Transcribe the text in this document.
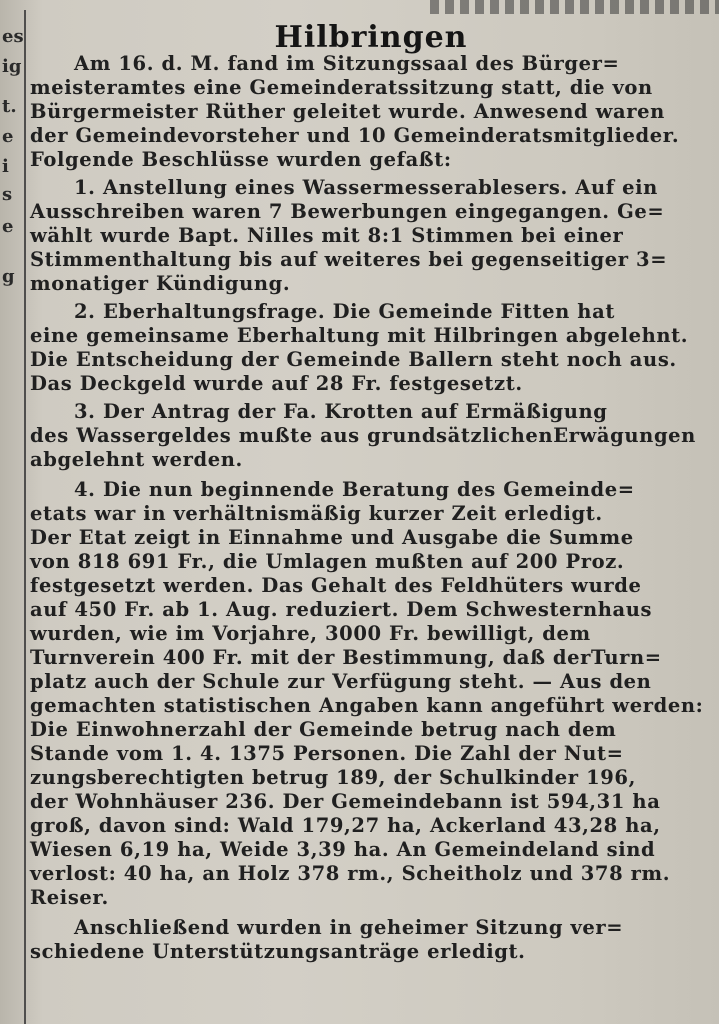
es
ig
t.
e
i
s
e
g
Hilbringen
Am 16. d. M. fand im Sitzungssaal des Bürger=
meisteramtes eine Gemeinderatssitzung statt, die von
Bürgermeister Rüther geleitet wurde. Anwesend waren
der Gemeindevorsteher und 10 Gemeinderatsmitglieder.
Folgende Beschlüsse wurden gefaßt:
1. Anstellung eines Wassermesserablesers. Auf ein
Ausschreiben waren 7 Bewerbungen eingegangen. Ge=
wählt wurde Bapt. Nilles mit 8:1 Stimmen bei einer
Stimmenthaltung bis auf weiteres bei gegenseitiger 3=
monatiger Kündigung.
2. Eberhaltungsfrage. Die Gemeinde Fitten hat
eine gemeinsame Eberhaltung mit Hilbringen abgelehnt.
Die Entscheidung der Gemeinde Ballern steht noch aus.
Das Deckgeld wurde auf 28 Fr. festgesetzt.
3. Der Antrag der Fa. Krotten auf Ermäßigung
des Wassergeldes mußte aus grundsätzlichenErwägungen
abgelehnt werden.
4. Die nun beginnende Beratung des Gemeinde=
etats war in verhältnismäßig kurzer Zeit erledigt.
Der Etat zeigt in Einnahme und Ausgabe die Summe
von 818 691 Fr., die Umlagen mußten auf 200 Proz.
festgesetzt werden. Das Gehalt des Feldhüters wurde
auf 450 Fr. ab 1. Aug. reduziert. Dem Schwesternhaus
wurden, wie im Vorjahre, 3000 Fr. bewilligt, dem
Turnverein 400 Fr. mit der Bestimmung, daß derTurn=
platz auch der Schule zur Verfügung steht. — Aus den
gemachten statistischen Angaben kann angeführt werden:
Die Einwohnerzahl der Gemeinde betrug nach dem
Stande vom 1. 4. 1375 Personen. Die Zahl der Nut=
zungsberechtigten betrug 189, der Schulkinder 196,
der Wohnhäuser 236. Der Gemeindebann ist 594,31 ha
groß, davon sind: Wald 179,27 ha, Ackerland 43,28 ha,
Wiesen 6,19 ha, Weide 3,39 ha. An Gemeindeland sind
verlost: 40 ha, an Holz 378 rm., Scheitholz und 378 rm.
Reiser.
Anschließend wurden in geheimer Sitzung ver=
schiedene Unterstützungsanträge erledigt.
